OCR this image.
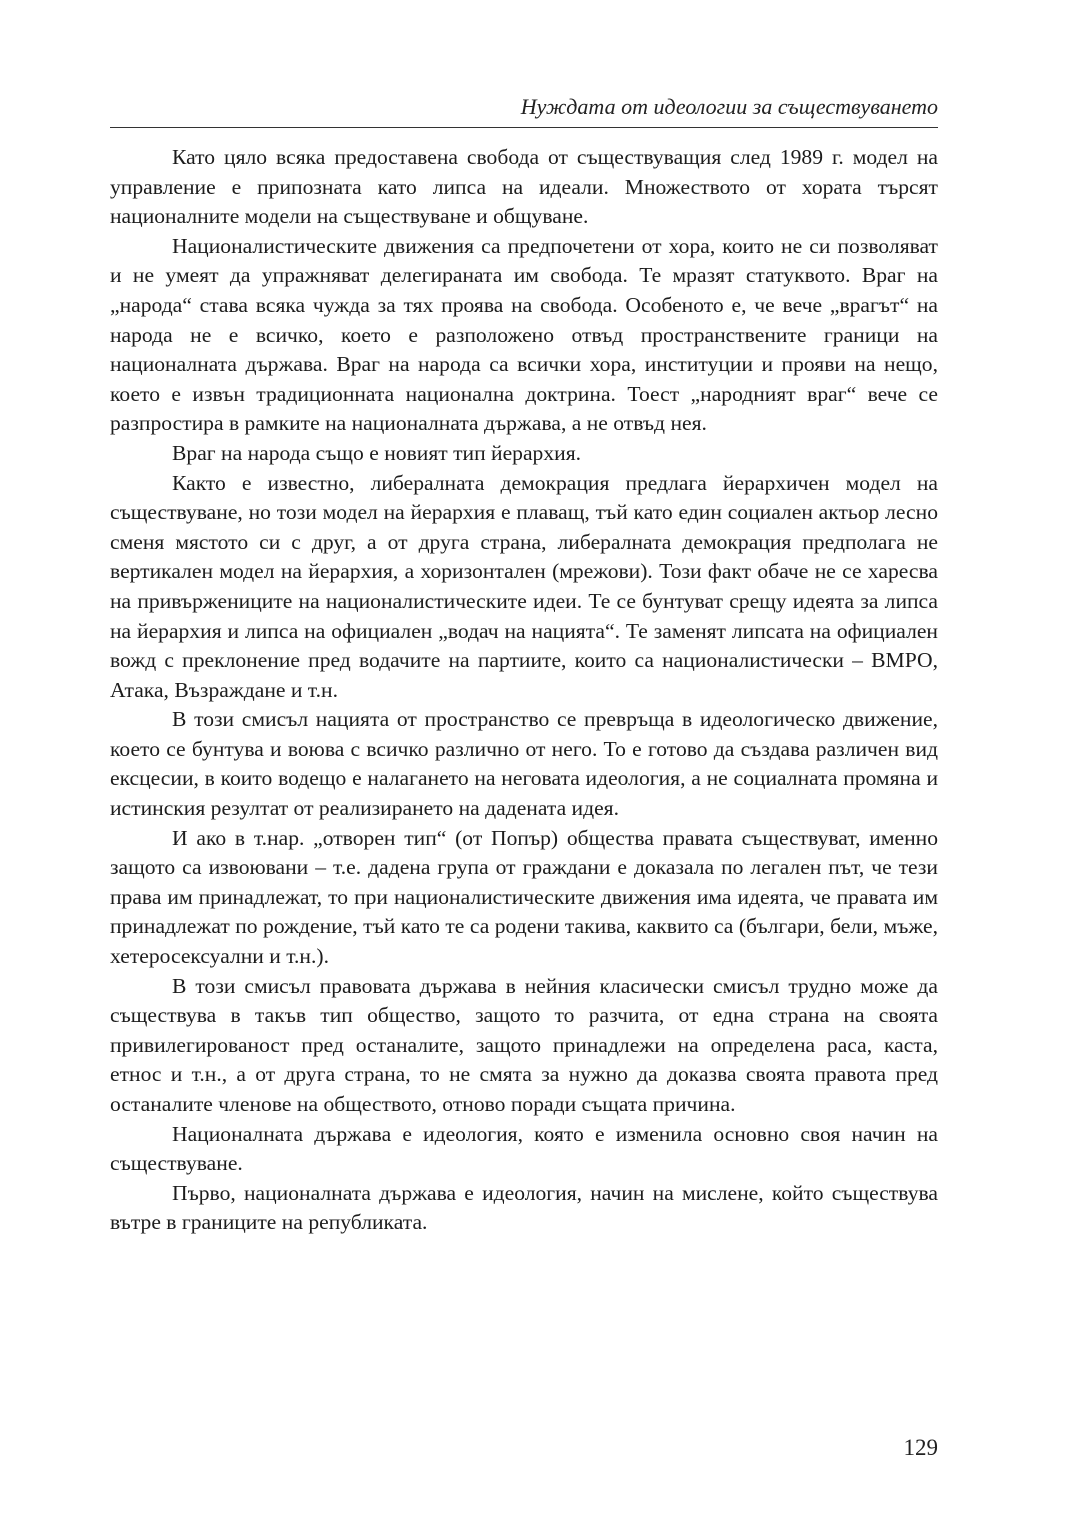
Нуждата от идеологии за съществуването

Като цяло всяка предоставена свобода от съществуващия след 1989 г. модел на управление е припозната като липса на идеали. Множеството от хората търсят националните модели на съществуване и общуване.

Националистическите движения са предпочетени от хора, които не си позволяват и не умеят да упражняват делегираната им свобода. Те мразят статуквото. Враг на „народа“ става всяка чужда за тях проява на свобода. Особеното е, че вече „врагът“ на народа не е всичко, което е разположено отвъд пространствените граници на националната държава. Враг на народа са всички хора, институции и прояви на нещо, което е извън традиционната национална доктрина. Тоест „народният враг“ вече се разпростира в рамките на националната държава, а не отвъд нея.

Враг на народа също е новият тип йерархия.

Както е известно, либералната демокрация предлага йерархичен модел на съществуване, но този модел на йерархия е плаващ, тъй като един социален актьор лесно сменя мястото си с друг, а от друга страна, либералната демокрация предполага не вертикален модел на йерархия, а хоризонтален (мрежови). Този факт обаче не се харесва на привържениците на националистическите идеи. Те се бунтуват срещу идеята за липса на йерархия и липса на официален „водач на нацията“. Те заменят липсата на официален вожд с преклонение пред водачите на партиите, които са националистически – ВМРО, Атака, Възраждане и т.н.

В този смисъл нацията от пространство се превръща в идеологическо движение, което се бунтува и воюва с всичко различно от него. То е готово да създава различен вид ексцесии, в които водещо е налагането на неговата идеология, а не социалната промяна и истинския резултат от реализирането на дадената идея.

И ако в т.нар. „отворен тип“ (от Попър) общества правата съществуват, именно защото са извоювани – т.е. дадена група от граждани е доказала по легален път, че тези права им принадлежат, то при националистическите движения има идеята, че правата им принадлежат по рождение, тъй като те са родени такива, каквито са (българи, бели, мъже, хетеросексуални и т.н.).

В този смисъл правовата държава в нейния класически смисъл трудно може да съществува в такъв тип общество, защото то разчита, от една страна на своята привилегированост пред останалите, защото принадлежи на определена раса, каста, етнос и т.н., а от друга страна, то не смята за нужно да доказва своята правота пред останалите членове на обществото, отново поради същата причина.

Националната държава е идеология, която е изменила основно своя начин на съществуване.

Първо, националната държава е идеология, начин на мислене, който съществува вътре в границите на републиката.

129
